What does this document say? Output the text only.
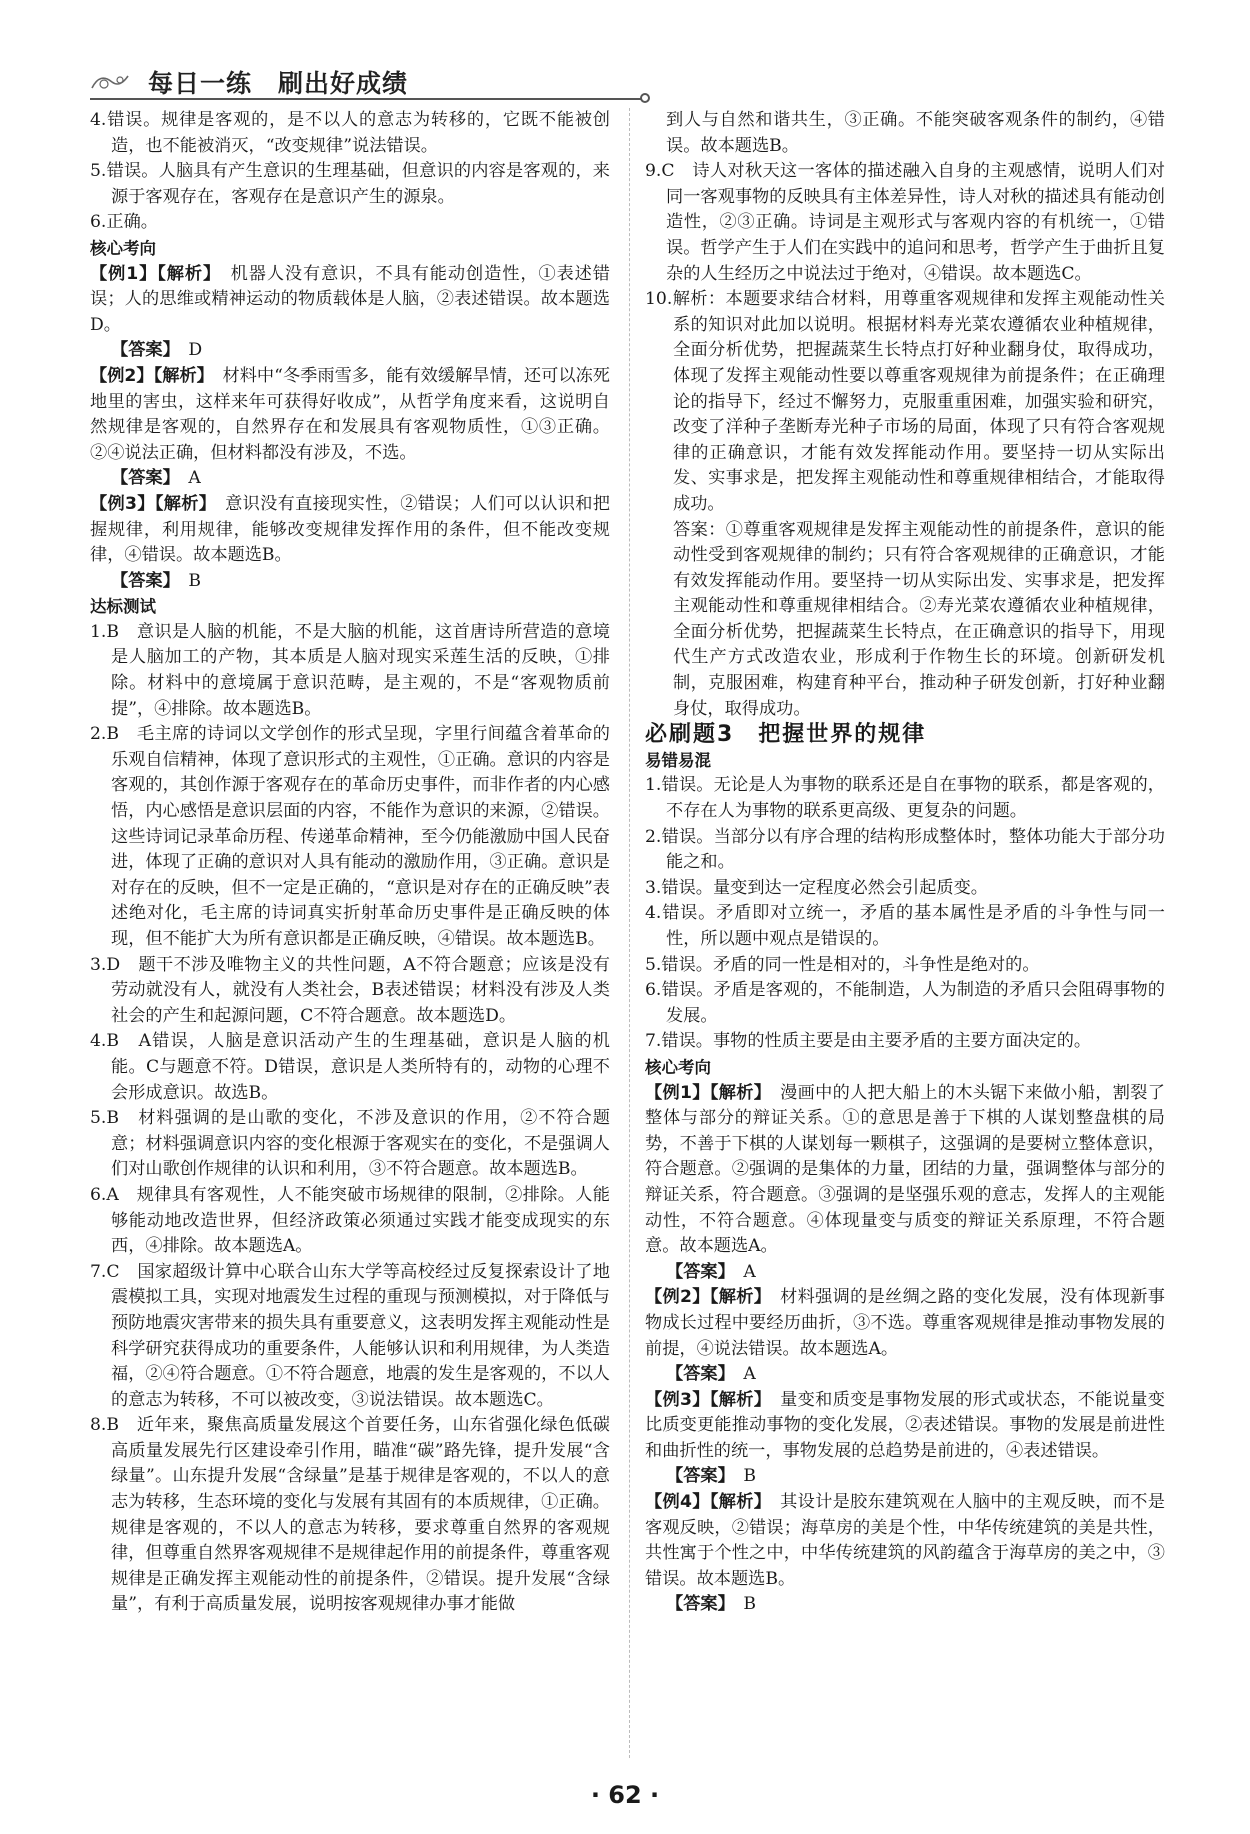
每日一练　刷出好成绩

4.错误。规律是客观的，是不以人的意志为转移的，它既不能被创造，也不能被消灭，“改变规律”说法错误。

5.错误。人脑具有产生意识的生理基础，但意识的内容是客观的，来源于客观存在，客观存在是意识产生的源泉。

6.正确。

核心考向

【例1】【解析】　 机器人没有意识，不具有能动创造性，①表述错误；人的思维或精神运动的物质载体是人脑，②表述错误。故本题选D。

【答案】　 D

【例2】【解析】　 材料中“冬季雨雪多，能有效缓解旱情，还可以冻死地里的害虫，这样来年可获得好收成”，从哲学角度来看，这说明自然规律是客观的，自然界存在和发展具有客观物质性，①③正确。②④说法正确，但材料都没有涉及，不选。

【答案】　 A

【例3】【解析】　 意识没有直接现实性，②错误；人们可以认识和把握规律，利用规律，能够改变规律发挥作用的条件，但不能改变规律，④错误。故本题选B。

【答案】　 B

达标测试

1.B　意识是人脑的机能，不是大脑的机能，这首唐诗所营造的意境是人脑加工的产物，其本质是人脑对现实采莲生活的反映，①排除。材料中的意境属于意识范畴，是主观的，不是“客观物质前提”，④排除。故本题选B。

2.B　毛主席的诗词以文学创作的形式呈现，字里行间蕴含着革命的乐观自信精神，体现了意识形式的主观性，①正确。意识的内容是客观的，其创作源于客观存在的革命历史事件，而非作者的内心感悟，内心感悟是意识层面的内容，不能作为意识的来源，②错误。这些诗词记录革命历程、传递革命精神，至今仍能激励中国人民奋进，体现了正确的意识对人具有能动的激励作用，③正确。意识是对存在的反映，但不一定是正确的，“意识是对存在的正确反映”表述绝对化，毛主席的诗词真实折射革命历史事件是正确反映的体现，但不能扩大为所有意识都是正确反映，④错误。故本题选B。

3.D　题干不涉及唯物主义的共性问题，A不符合题意；应该是没有劳动就没有人，就没有人类社会，B表述错误；材料没有涉及人类社会的产生和起源问题，C不符合题意。故本题选D。

4.B　A错误，人脑是意识活动产生的生理基础，意识是人脑的机能。C与题意不符。D错误，意识是人类所特有的，动物的心理不会形成意识。故选B。

5.B　材料强调的是山歌的变化，不涉及意识的作用，②不符合题意；材料强调意识内容的变化根源于客观实在的变化，不是强调人们对山歌创作规律的认识和利用，③不符合题意。故本题选B。

6.A　规律具有客观性，人不能突破市场规律的限制，②排除。人能够能动地改造世界，但经济政策必须通过实践才能变成现实的东西，④排除。故本题选A。

7.C　国家超级计算中心联合山东大学等高校经过反复探索设计了地震模拟工具，实现对地震发生过程的重现与预测模拟，对于降低与预防地震灾害带来的损失具有重要意义，这表明发挥主观能动性是科学研究获得成功的重要条件，人能够认识和利用规律，为人类造福，②④符合题意。①不符合题意，地震的发生是客观的，不以人的意志为转移，不可以被改变，③说法错误。故本题选C。

8.B　近年来，聚焦高质量发展这个首要任务，山东省强化绿色低碳高质量发展先行区建设牵引作用，瞄准“碳”路先锋，提升发展“含绿量”。山东提升发展“含绿量”是基于规律是客观的，不以人的意志为转移，生态环境的变化与发展有其固有的本质规律，①正确。规律是客观的，不以人的意志为转移，要求尊重自然界的客观规律，但尊重自然界客观规律不是规律起作用的前提条件，尊重客观规律是正确发挥主观能动性的前提条件，②错误。提升发展“含绿量”，有利于高质量发展，说明按客观规律办事才能做

到人与自然和谐共生，③正确。不能突破客观条件的制约，④错误。故本题选B。

9.C　诗人对秋天这一客体的描述融入自身的主观感情，说明人们对同一客观事物的反映具有主体差异性，诗人对秋的描述具有能动创造性，②③正确。诗词是主观形式与客观内容的有机统一，①错误。哲学产生于人们在实践中的追问和思考，哲学产生于曲折且复杂的人生经历之中说法过于绝对，④错误。故本题选C。

10.解析：本题要求结合材料，用尊重客观规律和发挥主观能动性关系的知识对此加以说明。根据材料寿光菜农遵循农业种植规律，全面分析优势，把握蔬菜生长特点打好种业翻身仗，取得成功，体现了发挥主观能动性要以尊重客观规律为前提条件；在正确理论的指导下，经过不懈努力，克服重重困难，加强实验和研究，改变了洋种子垄断寿光种子市场的局面，体现了只有符合客观规律的正确意识，才能有效发挥能动作用。要坚持一切从实际出发、实事求是，把发挥主观能动性和尊重规律相结合，才能取得成功。

答案：①尊重客观规律是发挥主观能动性的前提条件，意识的能动性受到客观规律的制约；只有符合客观规律的正确意识，才能有效发挥能动作用。要坚持一切从实际出发、实事求是，把发挥主观能动性和尊重规律相结合。②寿光菜农遵循农业种植规律，全面分析优势，把握蔬菜生长特点，在正确意识的指导下，用现代生产方式改造农业，形成利于作物生长的环境。创新研发机制，克服困难，构建育种平台，推动种子研发创新，打好种业翻身仗，取得成功。

必刷题3　把握世界的规律

易错易混

1.错误。无论是人为事物的联系还是自在事物的联系，都是客观的，不存在人为事物的联系更高级、更复杂的问题。

2.错误。当部分以有序合理的结构形成整体时，整体功能大于部分功能之和。

3.错误。量变到达一定程度必然会引起质变。

4.错误。矛盾即对立统一，矛盾的基本属性是矛盾的斗争性与同一性，所以题中观点是错误的。

5.错误。矛盾的同一性是相对的，斗争性是绝对的。

6.错误。矛盾是客观的，不能制造，人为制造的矛盾只会阻碍事物的发展。

7.错误。事物的性质主要是由主要矛盾的主要方面决定的。

核心考向

【例1】【解析】　 漫画中的人把大船上的木头锯下来做小船，割裂了整体与部分的辩证关系。①的意思是善于下棋的人谋划整盘棋的局势，不善于下棋的人谋划每一颗棋子，这强调的是要树立整体意识，符合题意。②强调的是集体的力量，团结的力量，强调整体与部分的辩证关系，符合题意。③强调的是坚强乐观的意志，发挥人的主观能动性，不符合题意。④体现量变与质变的辩证关系原理，不符合题意。故本题选A。

【答案】　 A

【例2】【解析】　 材料强调的是丝绸之路的变化发展，没有体现新事物成长过程中要经历曲折，③不选。尊重客观规律是推动事物发展的前提，④说法错误。故本题选A。

【答案】　 A

【例3】【解析】　 量变和质变是事物发展的形式或状态，不能说量变比质变更能推动事物的变化发展，②表述错误。事物的发展是前进性和曲折性的统一，事物发展的总趋势是前进的，④表述错误。

【答案】　 B

【例4】【解析】　 其设计是胶东建筑观在人脑中的主观反映，而不是客观反映，②错误；海草房的美是个性，中华传统建筑的美是共性，共性寓于个性之中，中华传统建筑的风韵蕴含于海草房的美之中，③错误。故本题选B。

【答案】　 B

· 62 ·
